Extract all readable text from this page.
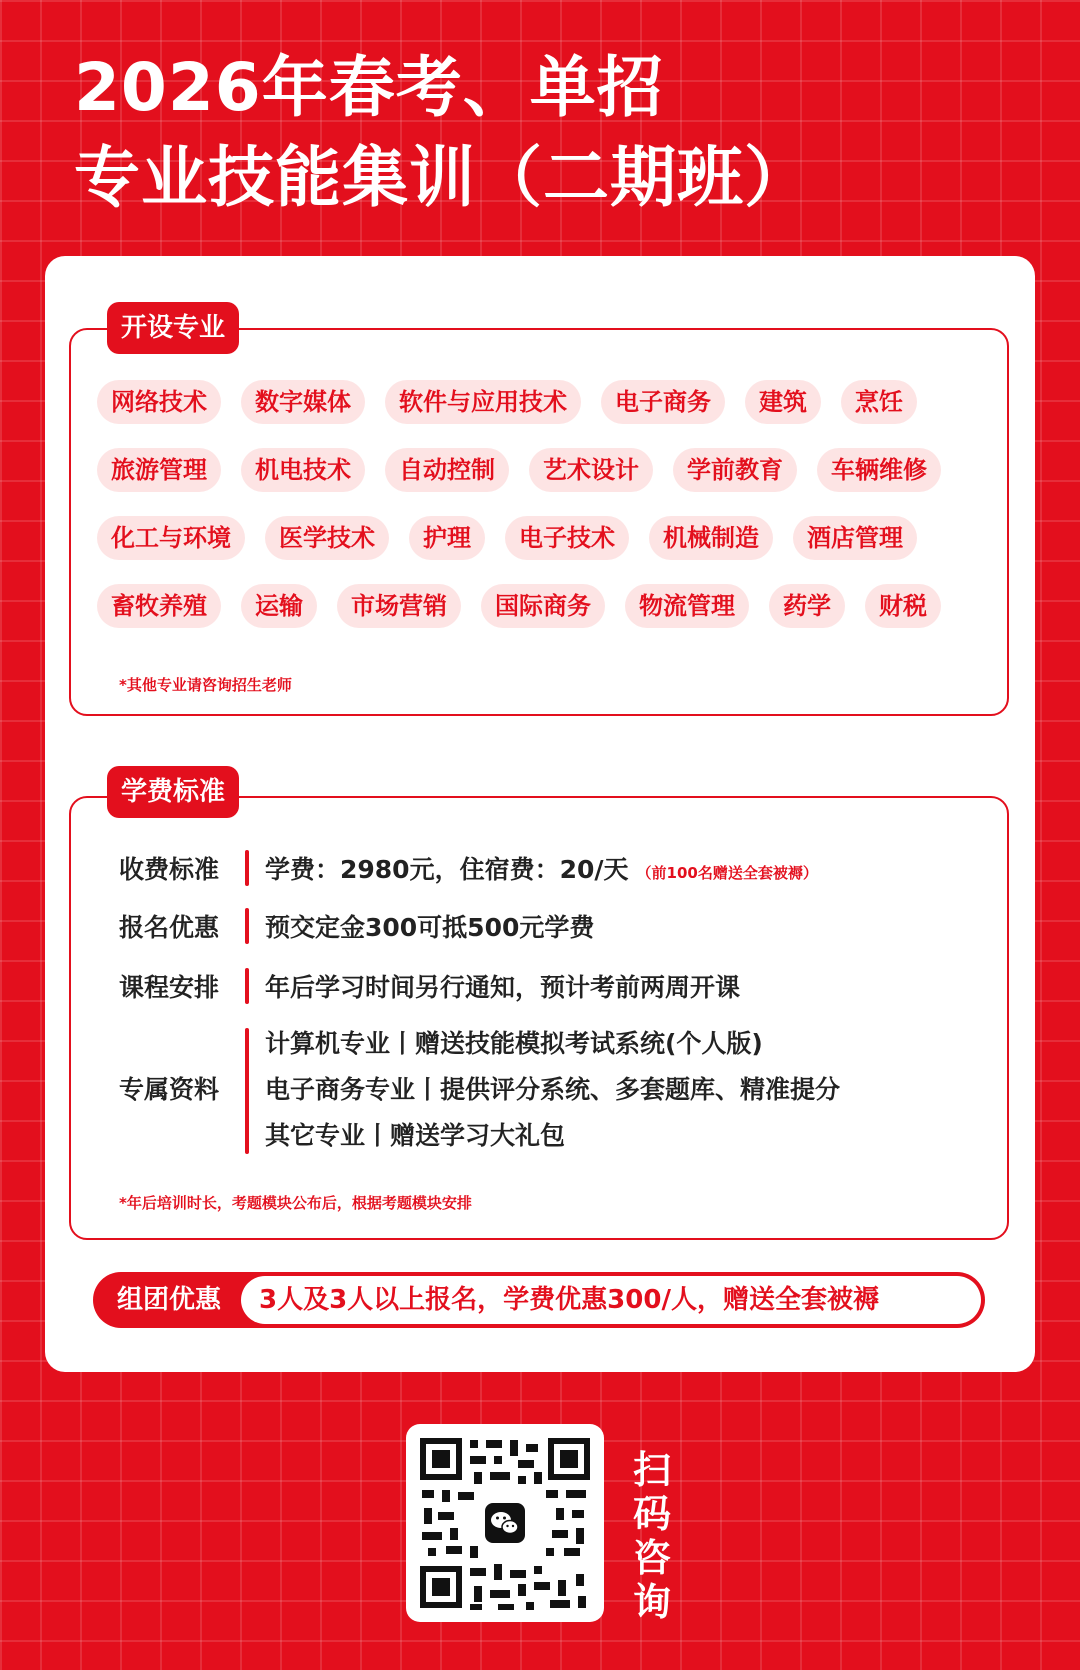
2026年春考、单招
专业技能集训（二期班）
网络技术	数字媒体	软件与应用技术	电子商务	建筑	烹饪
旅游管理	机电技术	自动控制	艺术设计	学前教育	车辆维修
化工与环境	医学技术	护理	电子技术	机械制造	酒店管理
畜牧养殖	运输	市场营销	国际商务	物流管理	药学	财税
*其他专业请咨询招生老师
开设专业
收费标准	学费：2980元，住宿费：20/天 （前100名赠送全套被褥）
报名优惠	预交定金300可抵500元学费
课程安排	年后学习时间另行通知，预计考前两周开课
专属资料
计算机专业丨赠送技能模拟考试系统(个人版)
电子商务专业丨提供评分系统、多套题库、精准提分
其它专业丨赠送学习大礼包
*年后培训时长，考题模块公布后，根据考题模块安排
学费标准
组团优惠	3人及3人以上报名，学费优惠300/人，赠送全套被褥
扫
码
咨
询
